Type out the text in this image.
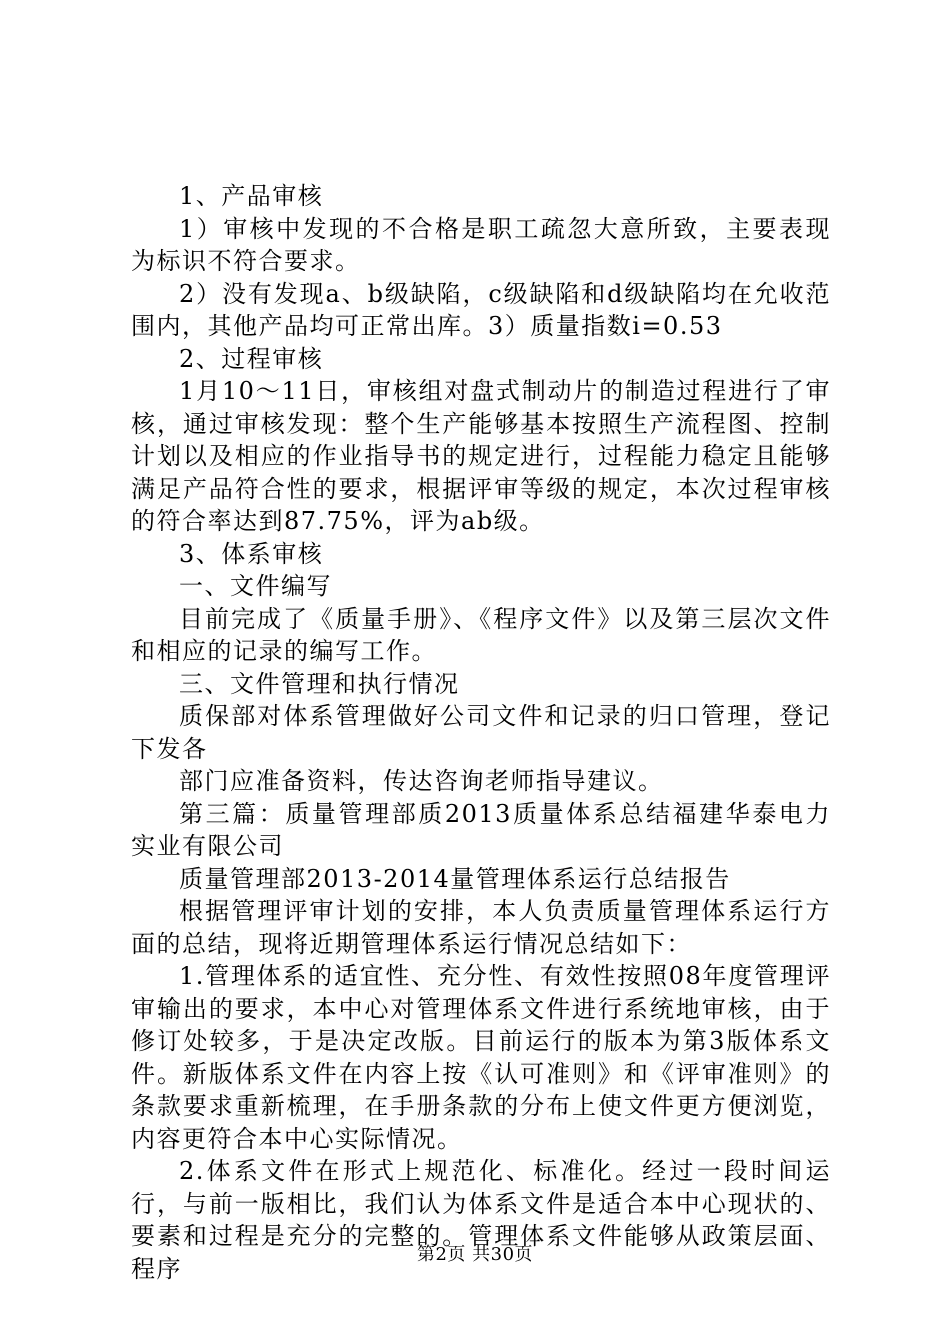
1、产品审核

1）审核中发现的不合格是职工疏忽大意所致，主要表现为标识不符合要求。

2）没有发现a、b级缺陷，c级缺陷和d级缺陷均在允收范围内，其他产品均可正常出库。3）质量指数i=0.53

2、过程审核

1月10～11日，审核组对盘式制动片的制造过程进行了审核，通过审核发现：整个生产能够基本按照生产流程图、控制计划以及相应的作业指导书的规定进行，过程能力稳定且能够满足产品符合性的要求，根据评审等级的规定，本次过程审核的符合率达到87.75%，评为ab级。

3、体系审核

一、文件编写

目前完成了《质量手册》、《程序文件》以及第三层次文件和相应的记录的编写工作。

三、文件管理和执行情况

质保部对体系管理做好公司文件和记录的归口管理，登记下发各

部门应准备资料，传达咨询老师指导建议。

第三篇：质量管理部质2013质量体系总结福建华泰电力实业有限公司

质量管理部2013-2014量管理体系运行总结报告

根据管理评审计划的安排，本人负责质量管理体系运行方面的总结，现将近期管理体系运行情况总结如下：

1.管理体系的适宜性、充分性、有效性按照08年度管理评审输出的要求，本中心对管理体系文件进行系统地审核，由于修订处较多，于是决定改版。目前运行的版本为第3版体系文件。新版体系文件在内容上按《认可准则》和《评审准则》的条款要求重新梳理，在手册条款的分布上使文件更方便浏览，内容更符合本中心实际情况。

2.体系文件在形式上规范化、标准化。经过一段时间运行，与前一版相比，我们认为体系文件是适合本中心现状的、要素和过程是充分的完整的。管理体系文件能够从政策层面、程序	第2页 共30页
